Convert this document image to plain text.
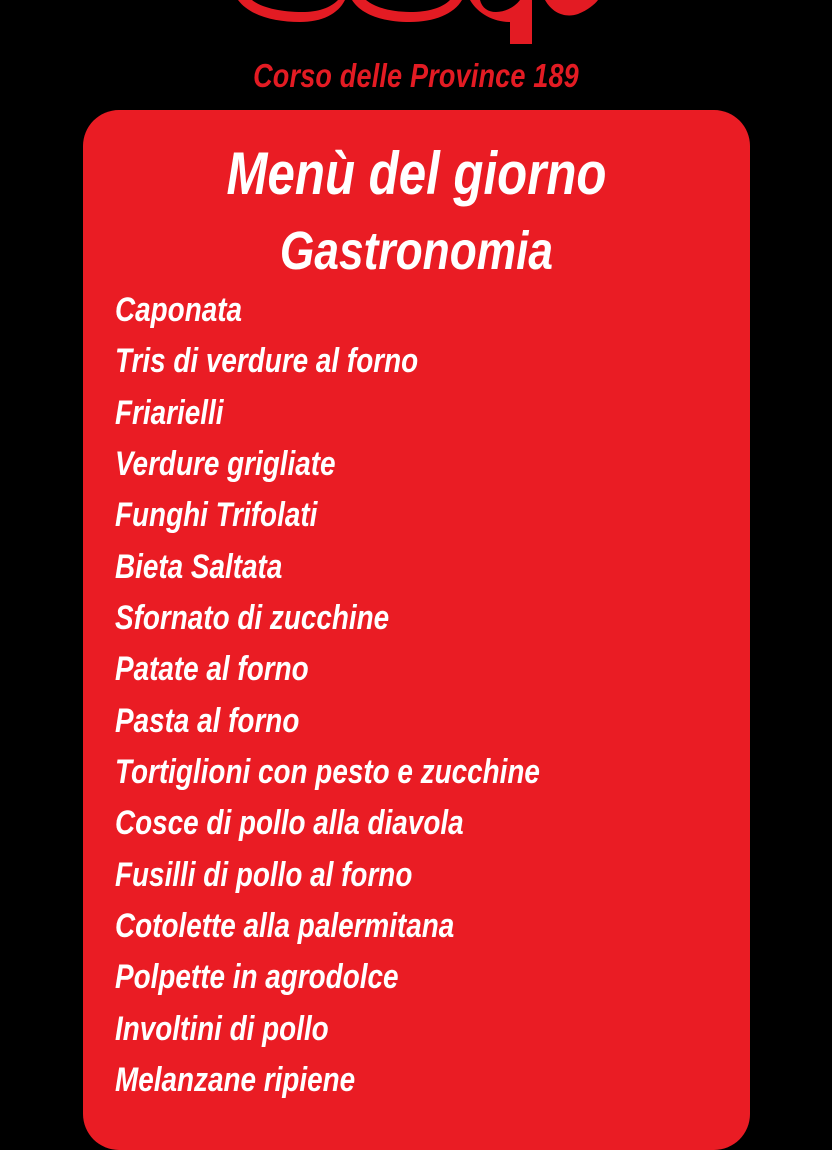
Corso delle Province 189
Menù del giorno
Gastronomia
Caponata
Tris di verdure al forno
Friarielli
Verdure grigliate
Funghi Trifolati
Bieta Saltata
Sfornato di zucchine
Patate al forno
Pasta al forno
Tortiglioni con pesto e zucchine
Cosce di pollo alla diavola
Fusilli di pollo al forno
Cotolette alla palermitana
Polpette in agrodolce
Involtini di pollo
Melanzane ripiene
